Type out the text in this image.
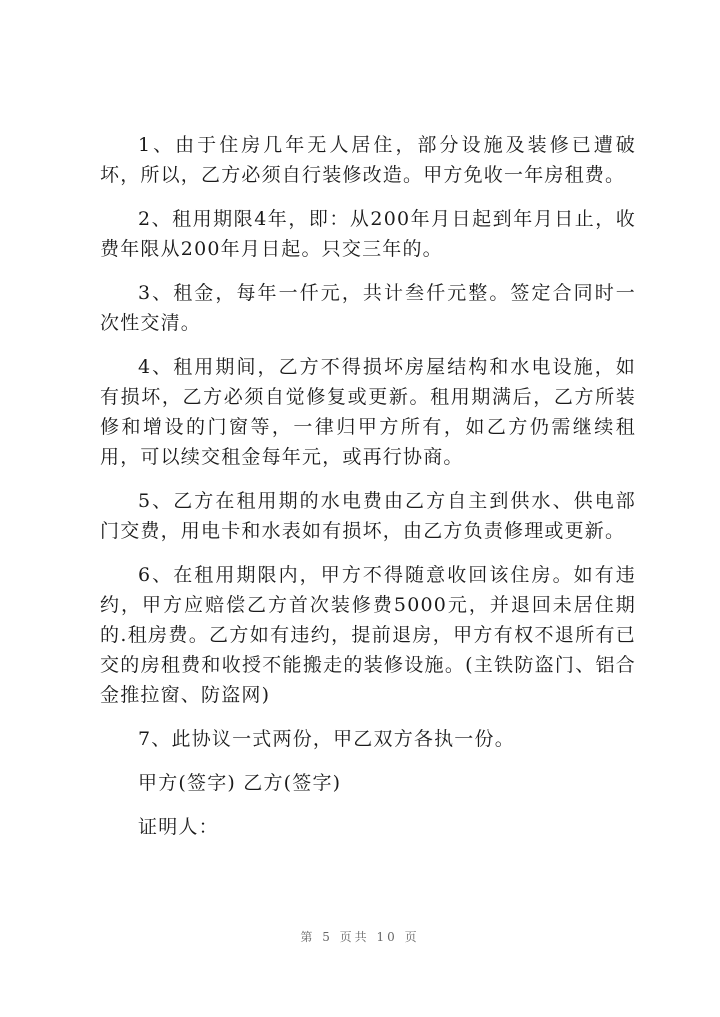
1、由于住房几年无人居住，部分设施及装修已遭破坏，所以，乙方必须自行装修改造。甲方免收一年房租费。

2、租用期限4年，即：从200年月日起到年月日止，收费年限从200年月日起。只交三年的。

3、租金，每年一仟元，共计叁仟元整。签定合同时一次性交清。

4、租用期间，乙方不得损坏房屋结构和水电设施，如有损坏，乙方必须自觉修复或更新。租用期满后，乙方所装修和增设的门窗等，一律归甲方所有，如乙方仍需继续租用，可以续交租金每年元，或再行协商。

5、乙方在租用期的水电费由乙方自主到供水、供电部门交费，用电卡和水表如有损坏，由乙方负责修理或更新。

6、在租用期限内，甲方不得随意收回该住房。如有违约，甲方应赔偿乙方首次装修费5000元，并退回未居住期的.租房费。乙方如有违约，提前退房，甲方有权不退所有已交的房租费和收授不能搬走的装修设施。(主铁防盗门、铝合金推拉窗、防盗网)

7、此协议一式两份，甲乙双方各执一份。

甲方(签字) 乙方(签字)

证明人：

第 5 页共 10 页
